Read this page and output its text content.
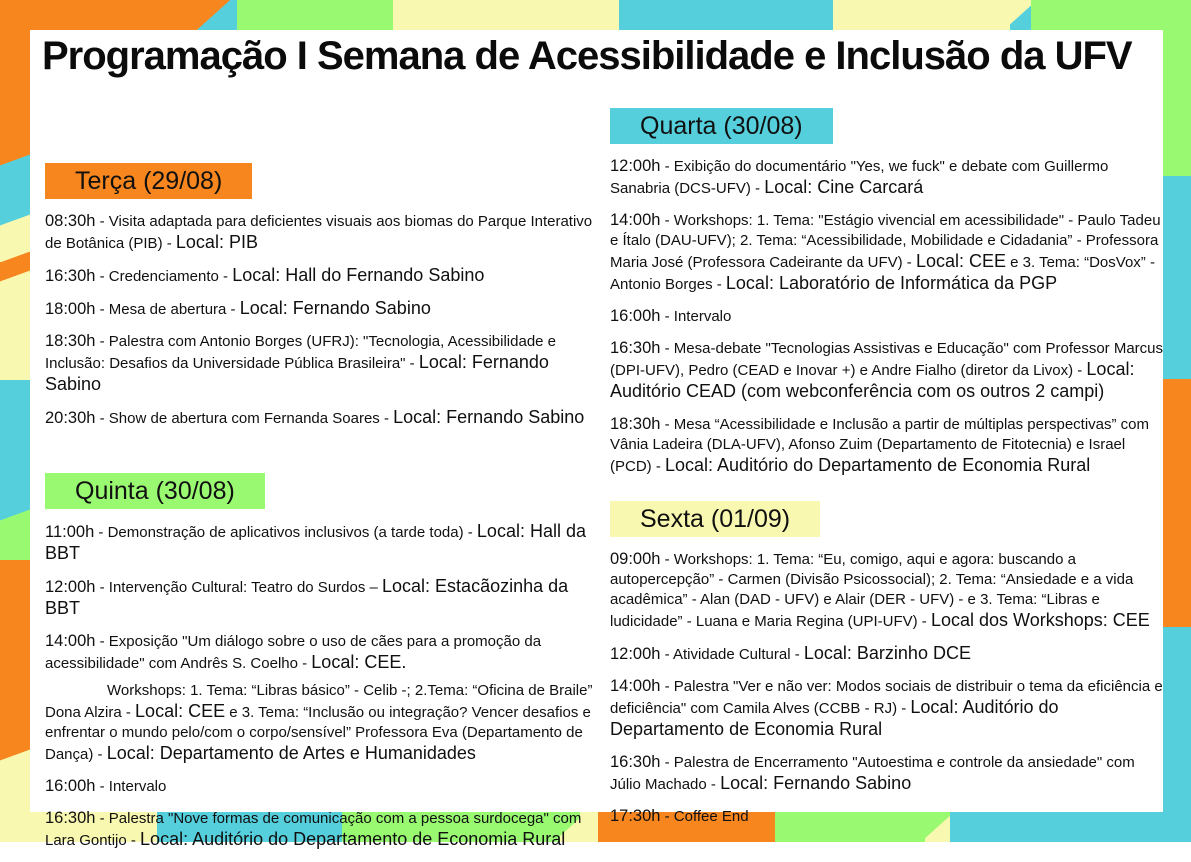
Programação I Semana de Acessibilidade e Inclusão da UFV
Terça (29/08)

08:30h - Visita adaptada para deficientes visuais aos biomas do Parque Interativo de Botânica (PIB) - Local: PIB

16:30h - Credenciamento - Local: Hall do Fernando Sabino

18:00h - Mesa de abertura - Local: Fernando Sabino

18:30h - Palestra com Antonio Borges (UFRJ): "Tecnologia, Acessibilidade e Inclusão: Desafios da Universidade Pública Brasileira" - Local: Fernando Sabino

20:30h - Show de abertura com Fernanda Soares - Local: Fernando Sabino

Quinta (30/08)

11:00h - Demonstração de aplicativos inclusivos (a tarde toda) - Local: Hall da BBT

12:00h - Intervenção Cultural: Teatro do Surdos – Local: Estacãozinha da BBT

14:00h - Exposição "Um diálogo sobre o uso de cães para a promoção da acessibilidade" com Andrês S. Coelho - Local: CEE.

Workshops: 1. Tema: “Libras básico” - Celib -; 2.Tema: “Oficina de Braile” Dona Alzira - Local: CEE e 3. Tema: “Inclusão ou integração? Vencer desafios e enfrentar o mundo pelo/com o corpo/sensível” Professora Eva (Departamento de Dança) - Local: Departamento de Artes e Humanidades

16:00h - Intervalo

16:30h - Palestra "Nove formas de comunicação com a pessoa surdocega" com Lara Gontijo - Local: Auditório do Departamento de Economia Rural

Quarta (30/08)

12:00h - Exibição do documentário "Yes, we fuck" e debate com Guillermo Sanabria (DCS-UFV) - Local: Cine Carcará

14:00h - Workshops: 1. Tema: "Estágio vivencial em acessibilidade" - Paulo Tadeu e Ítalo (DAU-UFV); 2. Tema: “Acessibilidade, Mobilidade e Cidadania” - Professora Maria José (Professora Cadeirante da UFV) - Local: CEE e 3. Tema: “DosVox” - Antonio Borges - Local: Laboratório de Informática da PGP

16:00h - Intervalo

16:30h - Mesa-debate "Tecnologias Assistivas e Educação" com Professor Marcus (DPI-UFV), Pedro (CEAD e Inovar +) e Andre Fialho (diretor da Livox) - Local: Auditório CEAD (com webconferência com os outros 2 campi)

18:30h - Mesa “Acessibilidade e Inclusão a partir de múltiplas perspectivas” com Vânia Ladeira (DLA-UFV), Afonso Zuim (Departamento de Fitotecnia) e Israel (PCD) - Local: Auditório do Departamento de Economia Rural

Sexta (01/09)

09:00h - Workshops: 1. Tema: “Eu, comigo, aqui e agora: buscando a autopercepção” - Carmen (Divisão Psicossocial); 2. Tema: “Ansiedade e a vida acadêmica” - Alan (DAD - UFV) e Alair (DER - UFV) - e 3. Tema: “Libras e ludicidade” - Luana e Maria Regina (UPI-UFV) - Local dos Workshops: CEE

12:00h - Atividade Cultural - Local: Barzinho DCE

14:00h - Palestra "Ver e não ver: Modos sociais de distribuir o tema da eficiência e deficiência" com Camila Alves (CCBB - RJ) - Local: Auditório do Departamento de Economia Rural

16:30h - Palestra de Encerramento "Autoestima e controle da ansiedade" com Júlio Machado - Local: Fernando Sabino

17:30h - Coffee End
